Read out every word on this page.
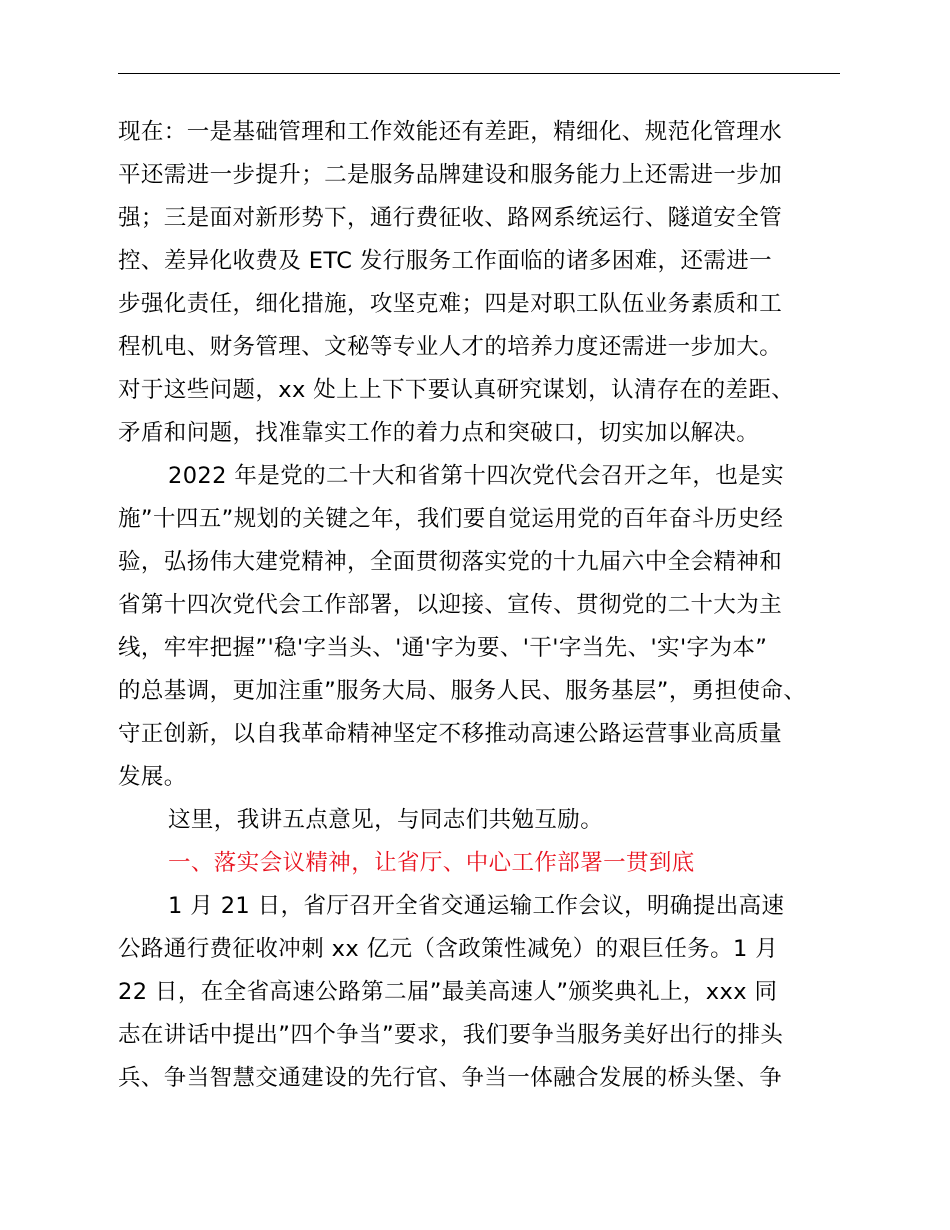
现在：一是基础管理和工作效能还有差距，精细化、规范化管理水
平还需进一步提升；二是服务品牌建设和服务能力上还需进一步加
强；三是面对新形势下，通行费征收、路网系统运行、隧道安全管
控、差异化收费及 ETC 发行服务工作面临的诸多困难，还需进一
步强化责任，细化措施，攻坚克难；四是对职工队伍业务素质和工
程机电、财务管理、文秘等专业人才的培养力度还需进一步加大。
对于这些问题，xx 处上上下下要认真研究谋划，认清存在的差距、
矛盾和问题，找准靠实工作的着力点和突破口，切实加以解决。
2022 年是党的二十大和省第十四次党代会召开之年，也是实
施”十四五”规划的关键之年，我们要自觉运用党的百年奋斗历史经
验，弘扬伟大建党精神，全面贯彻落实党的十九届六中全会精神和
省第十四次党代会工作部署，以迎接、宣传、贯彻党的二十大为主
线，牢牢把握”'稳'字当头、'通'字为要、'干'字当先、'实'字为本”
的总基调，更加注重”服务大局、服务人民、服务基层”，勇担使命、
守正创新，以自我革命精神坚定不移推动高速公路运营事业高质量
发展。
这里，我讲五点意见，与同志们共勉互励。
一、落实会议精神，让省厅、中心工作部署一贯到底
1 月 21 日，省厅召开全省交通运输工作会议，明确提出高速
公路通行费征收冲刺 xx 亿元（含政策性减免）的艰巨任务。1 月
22 日，在全省高速公路第二届”最美高速人”颁奖典礼上，xxx 同
志在讲话中提出”四个争当”要求，我们要争当服务美好出行的排头
兵、争当智慧交通建设的先行官、争当一体融合发展的桥头堡、争
